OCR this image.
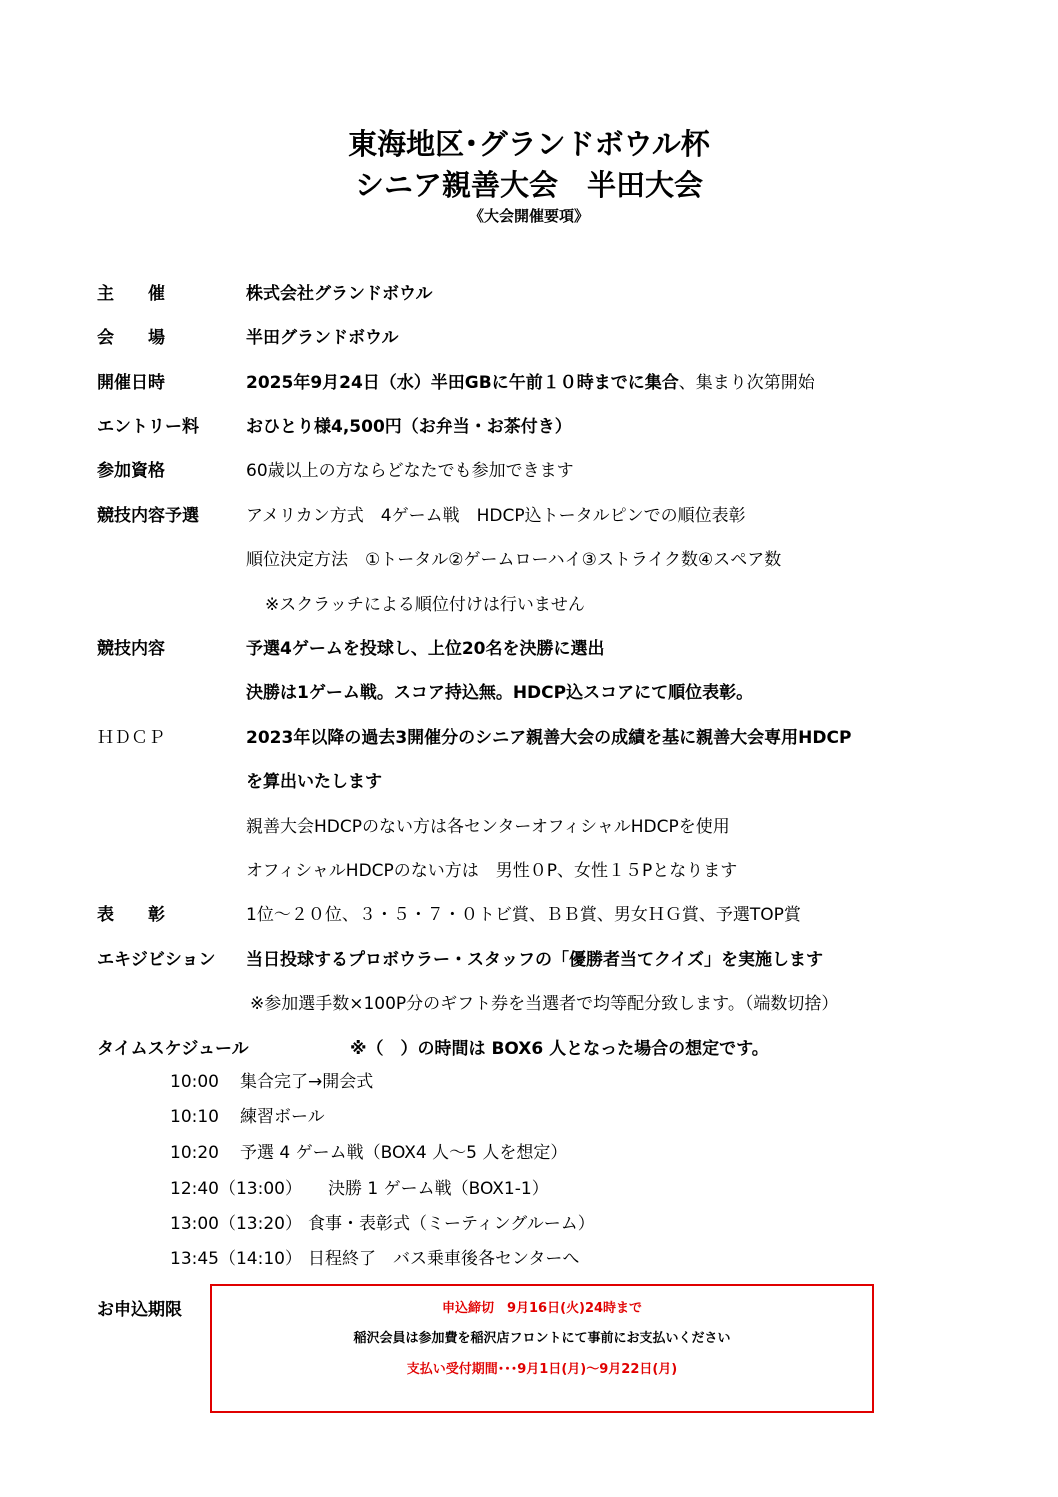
東海地区･グランドボウル杯
シニア親善大会　半田大会
《大会開催要項》
主　　催	株式会社グランドボウル
会　　場	半田グランドボウル
開催日時	2025年9月24日（水）半田GBに午前１０時までに集合、集まり次第開始
エントリー料	おひとり様4,500円（お弁当・お茶付き）
参加資格	60歳以上の方ならどなたでも参加できます
競技内容予選	アメリカン方式　4ゲーム戦　HDCP込トータルピンでの順位表彰
順位決定方法　①トータル②ゲームローハイ③ストライク数④スペア数
※スクラッチによる順位付けは行いません
競技内容	予選4ゲームを投球し、上位20名を決勝に選出
決勝は1ゲーム戦。スコア持込無。HDCP込スコアにて順位表彰。
ＨＤＣＰ	2023年以降の過去3開催分のシニア親善大会の成績を基に親善大会専用HDCP
を算出いたします
親善大会HDCPのない方は各センターオフィシャルHDCPを使用
オフィシャルHDCPのない方は　男性０P、女性１５Pとなります
表　　彰	1位～２０位、３・５・７・０トビ賞、ＢＢ賞、男女ＨＧ賞、予選TOP賞
エキジビション 当日投球するプロボウラー・スタッフの「優勝者当てクイズ」を実施します
※参加選手数×100P分のギフト券を当選者で均等配分致します。（端数切捨）
タイムスケジュール	※（　）の時間は BOX6 人となった場合の想定です。
10:00 集合完了→開会式
10:10 練習ボール
10:20 予選 4 ゲーム戦（BOX4 人～5 人を想定）
12:40（13:00） 決勝 1 ゲーム戦（BOX1-1）
13:00（13:20） 食事・表彰式（ミーティングルーム）
13:45（14:10） 日程終了　バス乗車後各センターへ
お申込期限	申込締切　9月16日(火)24時まで
稲沢会員は参加費を稲沢店フロントにて事前にお支払いください
支払い受付期間･･･9月1日(月)～9月22日(月)
